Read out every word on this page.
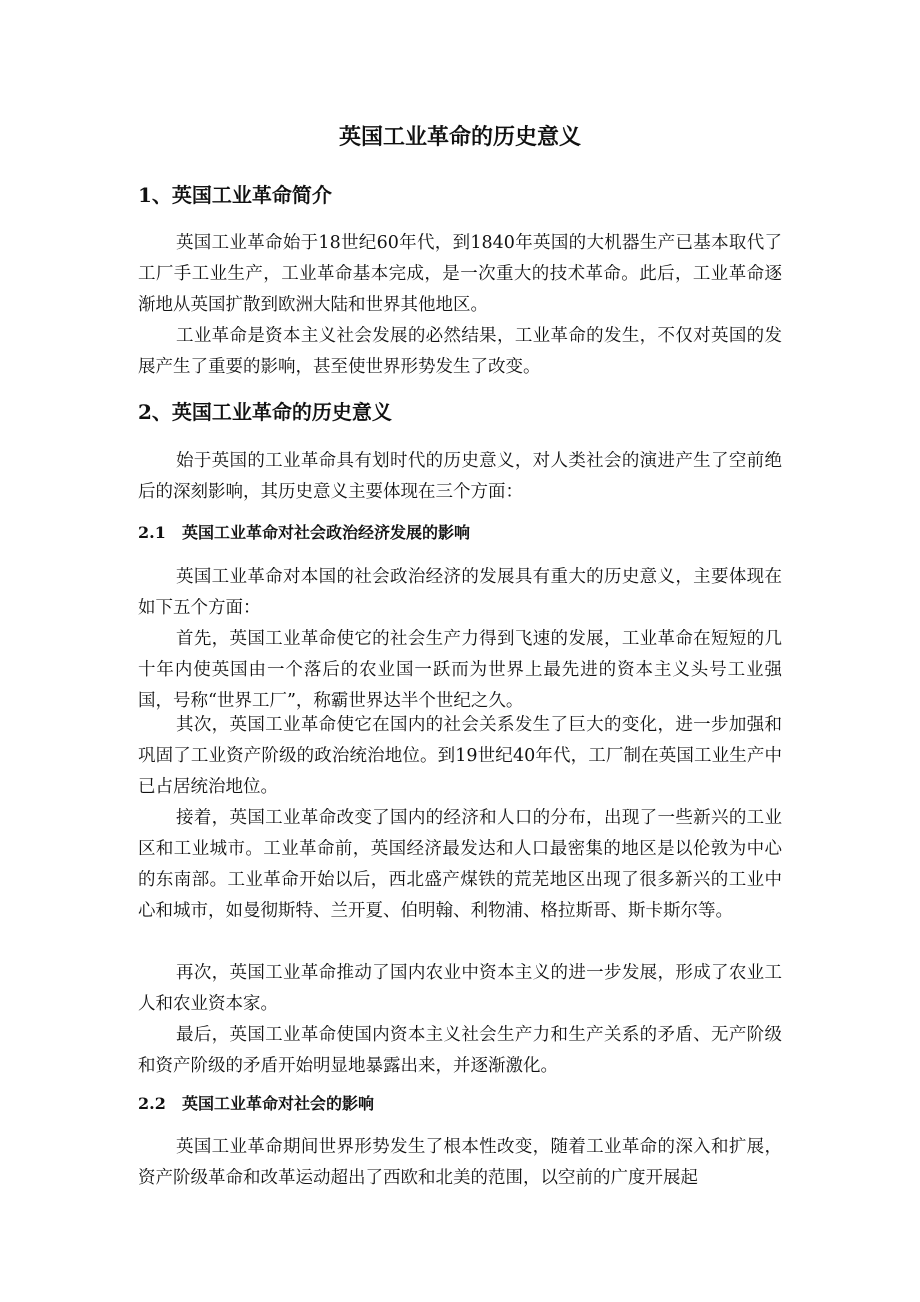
英国工业革命的历史意义
1、英国工业革命简介

英国工业革命始于18世纪60年代，到1840年英国的大机器生产已基本取代了工厂手工业生产，工业革命基本完成，是一次重大的技术革命。此后，工业革命逐渐地从英国扩散到欧洲大陆和世界其他地区。

工业革命是资本主义社会发展的必然结果，工业革命的发生，不仅对英国的发展产生了重要的影响，甚至使世界形势发生了改变。

2、英国工业革命的历史意义

始于英国的工业革命具有划时代的历史意义，对人类社会的演进产生了空前绝后的深刻影响，其历史意义主要体现在三个方面：

2.1 英国工业革命对社会政治经济发展的影响

英国工业革命对本国的社会政治经济的发展具有重大的历史意义，主要体现在如下五个方面：

首先，英国工业革命使它的社会生产力得到飞速的发展，工业革命在短短的几十年内使英国由一个落后的农业国一跃而为世界上最先进的资本主义头号工业强国，号称“世界工厂”，称霸世界达半个世纪之久。

其次，英国工业革命使它在国内的社会关系发生了巨大的变化，进一步加强和巩固了工业资产阶级的政治统治地位。到19世纪40年代，工厂制在英国工业生产中已占居统治地位。

接着，英国工业革命改变了国内的经济和人口的分布，出现了一些新兴的工业区和工业城市。工业革命前，英国经济最发达和人口最密集的地区是以伦敦为中心的东南部。工业革命开始以后，西北盛产煤铁的荒芜地区出现了很多新兴的工业中心和城市，如曼彻斯特、兰开夏、伯明翰、利物浦、格拉斯哥、斯卡斯尔等。

再次，英国工业革命推动了国内农业中资本主义的进一步发展，形成了农业工人和农业资本家。

最后，英国工业革命使国内资本主义社会生产力和生产关系的矛盾、无产阶级和资产阶级的矛盾开始明显地暴露出来，并逐渐激化。

2.2 英国工业革命对社会的影响

英国工业革命期间世界形势发生了根本性改变，随着工业革命的深入和扩展，资产阶级革命和改革运动超出了西欧和北美的范围，以空前的广度开展起
